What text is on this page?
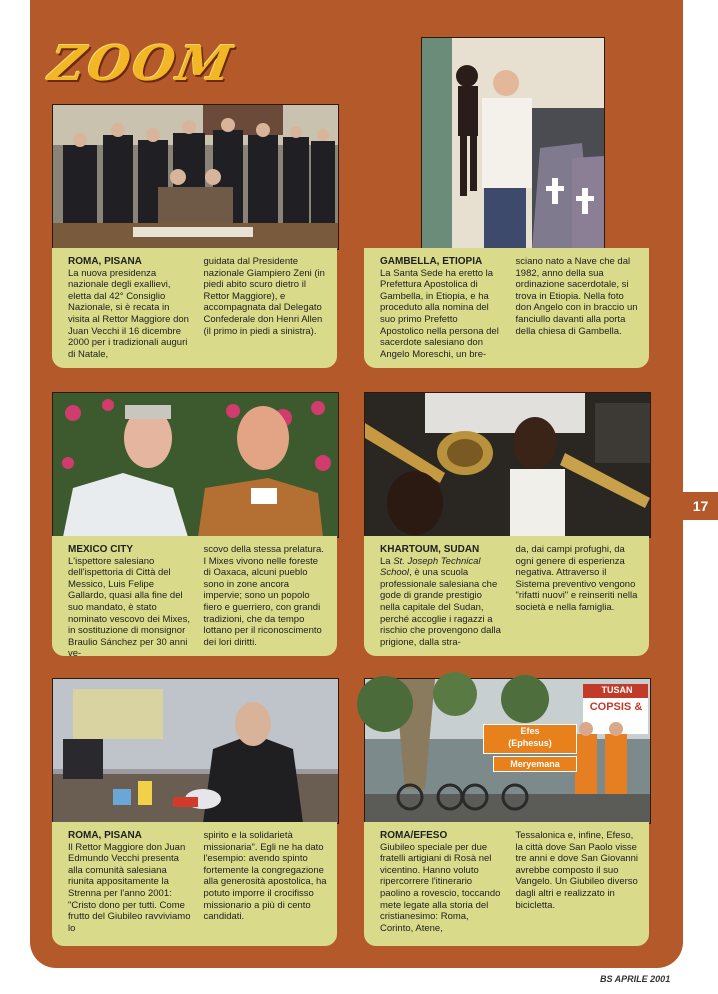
ZOOM
Efes
(Ephesus)
Meryemana
TUSAN
COPSIS &
ROMA, PISANA
La nuova presidenza nazionale degli exallievi, eletta dal 42° Consiglio Nazionale, si è recata in visita al Rettor Maggiore don Juan Vecchi il 16 dicembre 2000 per i tradizionali auguri di Natale,
guidata dal Presidente nazionale Giampiero Zeni (in piedi abito scuro dietro il Rettor Maggiore), e accompagnata dal Delegato Confederale don Henri Allen (il primo in piedi a sinistra).
GAMBELLA, ETIOPIA
La Santa Sede ha eretto la Prefettura Apostolica di Gambella, in Etiopia, e ha proceduto alla nomina del suo primo Prefetto Apostolico nella persona del sacerdote salesiano don Angelo Moreschi, un bre-
sciano nato a Nave che dal 1982, anno della sua ordinazione sacerdotale, si trova in Etiopia. Nella foto don Angelo con in braccio un fanciullo davanti alla porta della chiesa di Gambella.
MEXICO CITY
L'ispettore salesiano dell'ispettoria di Città del Messico, Luis Felipe Gallardo, quasi alla fine del suo mandato, è stato nominato vescovo dei Mixes, in sostituzione di monsignor Braulio Sánchez per 30 anni ve-
scovo della stessa prelatura. I Mixes vivono nelle foreste di Oaxaca, alcuni pueblo sono in zone ancora impervie; sono un popolo fiero e guerriero, con grandi tradizioni, che da tempo lottano per il riconoscimento dei lori diritti.
KHARTOUM, SUDAN
La St. Joseph Technical School, è una scuola professionale salesiana che gode di grande prestigio nella capitale del Sudan, perché accoglie i ragazzi a rischio che provengono dalla prigione, dalla stra-
da, dai campi profughi, da ogni genere di esperienza negativa. Attraverso il Sistema preventivo vengono "rifatti nuovi" e reinseriti nella società e nella famiglia.
ROMA, PISANA
Il Rettor Maggiore don Juan Edmundo Vecchi presenta alla comunità salesiana riunita appositamente la Strenna per l'anno 2001: "Cristo dono per tutti. Come frutto del Giubileo ravviviamo lo
spirito e la solidarietà missionaria". Egli ne ha dato l'esempio: avendo spinto fortemente la congregazione alla generosità apostolica, ha potuto imporre il crocifisso missionario a più di cento candidati.
ROMA/EFESO
Giubileo speciale per due fratelli artigiani di Rosà nel vicentino. Hanno voluto ripercorrere l'itinerario paolino a rovescio, toccando mete legate alla storia del cristianesimo: Roma, Corinto, Atene,
Tessalonica e, infine, Efeso, la città dove San Paolo visse tre anni e dove San Giovanni avrebbe composto il suo Vangelo. Un Giubileo diverso dagli altri e realizzato in bicicletta.
17
BS APRILE 2001
